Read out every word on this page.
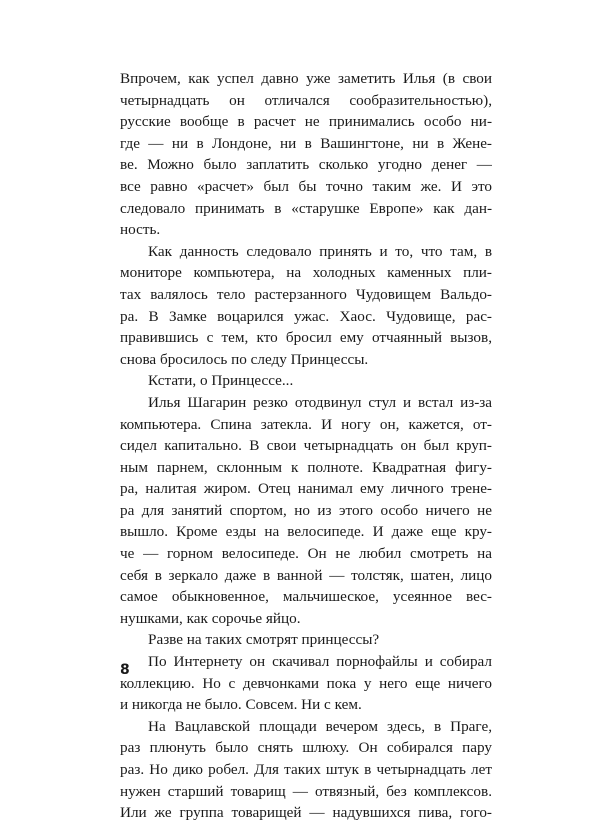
Впрочем, как успел давно уже заметить Илья (в свои
четырнадцать он отличался сообразительностью),
русские вообще в расчет не принимались особо ни-
где — ни в Лондоне, ни в Вашингтоне, ни в Жене-
ве. Можно было заплатить сколько угодно денег —
все равно «расчет» был бы точно таким же. И это
следовало принимать в «старушке Европе» как дан-
ность.
Как данность следовало принять и то, что там, в
мониторе компьютера, на холодных каменных пли-
тах валялось тело растерзанного Чудовищем Вальдо-
ра. В Замке воцарился ужас. Хаос. Чудовище, рас-
правившись с тем, кто бросил ему отчаянный вызов,
снова бросилось по следу Принцессы.
Кстати, о Принцессе...
Илья Шагарин резко отодвинул стул и встал из-за
компьютера. Спина затекла. И ногу он, кажется, от-
сидел капитально. В свои четырнадцать он был круп-
ным парнем, склонным к полноте. Квадратная фигу-
ра, налитая жиром. Отец нанимал ему личного трене-
ра для занятий спортом, но из этого особо ничего не
вышло. Кроме езды на велосипеде. И даже еще кру-
че — горном велосипеде. Он не любил смотреть на
себя в зеркало даже в ванной — толстяк, шатен, лицо
самое обыкновенное, мальчишеское, усеянное вес-
нушками, как сорочье яйцо.
Разве на таких смотрят принцессы?
По Интернету он скачивал порнофайлы и собирал
коллекцию. Но с девчонками пока у него еще ничего
и никогда не было. Совсем. Ни с кем.
На Вацлавской площади вечером здесь, в Праге,
раз плюнуть было снять шлюху. Он собирался пару
раз. Но дико робел. Для таких штук в четырнадцать лет
нужен старший товарищ — отвязный, без комплексов.
Или же группа товарищей — надувшихся пива, гого-
8
